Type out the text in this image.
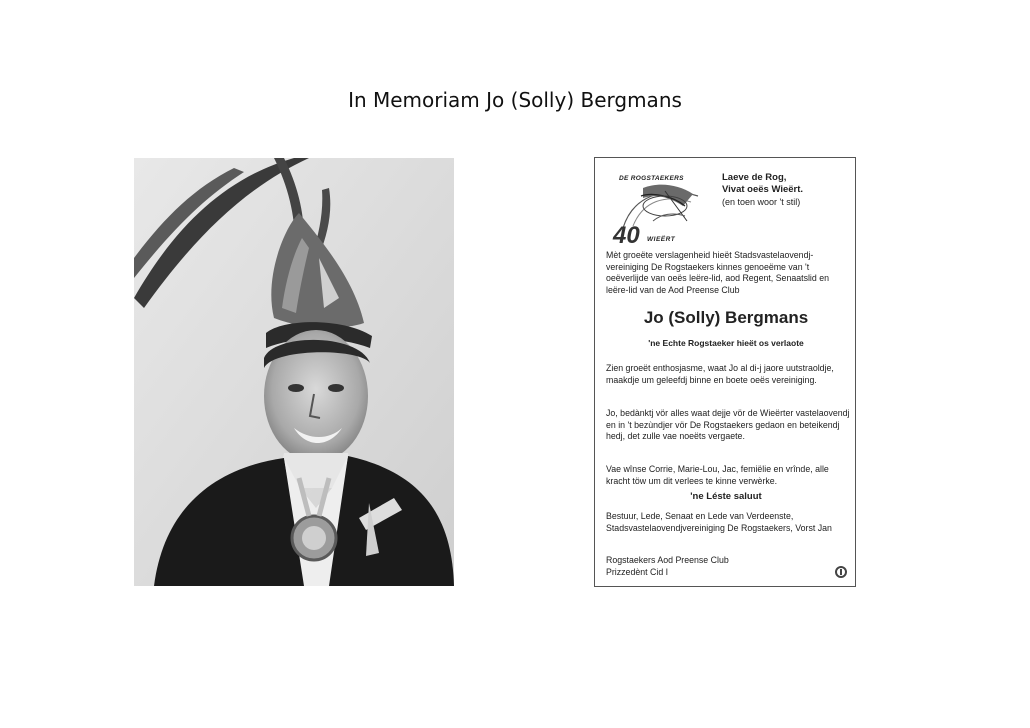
In Memoriam Jo (Solly) Bergmans
DE ROGSTAEKERS
40 WIEËRT
Laeve de Rog,
Vivat oeës Wieërt.
(en toen woor 't stil)
Mèt groeëte verslagenheid hieët Stadsvastelaovendj-vereiniging De Rogstaekers kinnes genoeëme van 't oeëverlijde van oeës leëre-lid, aod Regent, Senaatslid en leëre-lid van de Aod Preense Club
Jo (Solly) Bergmans
'ne Echte Rogstaeker hieët os verlaote
Zien groeët enthosjasme, waat Jo al di-j jaore uutstraoldje, maakdje um geleefdj binne en boete oeës vereiniging.
Jo, bedànktj vör alles waat dejje vör de Wieërter vastelaovendj en in 't bezùndjer vör De Rogstaekers gedaon en beteikendj hedj, det zulle vae noeëts vergaete.
Vae wînse Corrie, Marie-Lou, Jac, femiëlie en vrînde, alle kracht töw um dit verlees te kinne verwèrke.
'ne Léste saluut
Bestuur, Lede, Senaat en Lede van Verdeenste, Stadsvastelaovendjvereiniging De Rogstaekers, Vorst Jan
Rogstaekers Aod Preense Club
Prizzedènt Cid I
